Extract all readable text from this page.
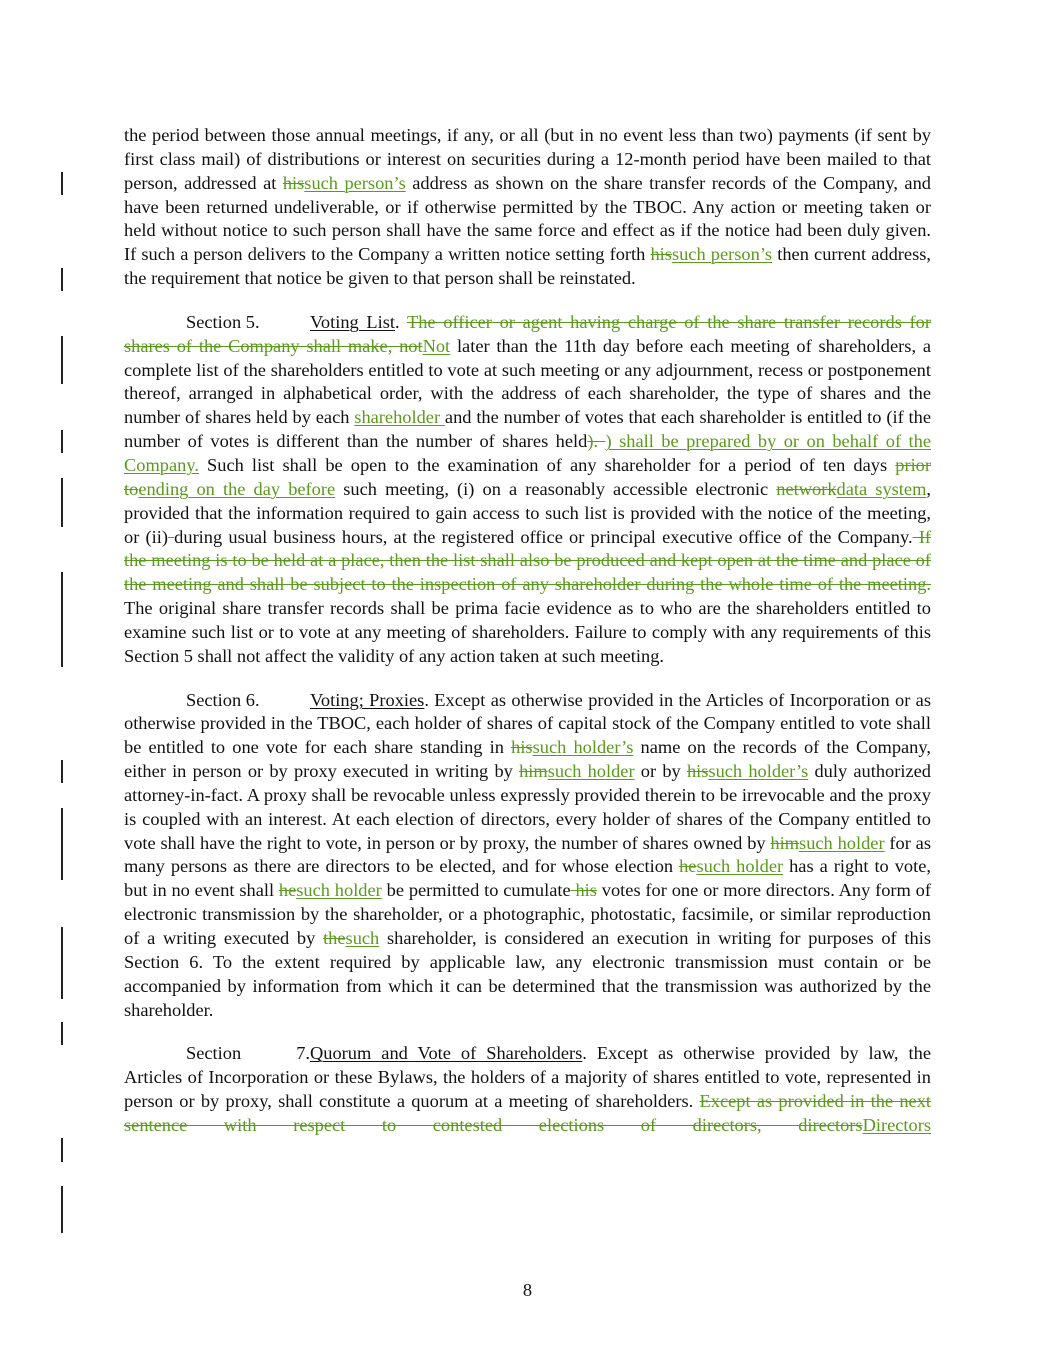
the period between those annual meetings, if any, or all (but in no event less than two) payments (if sent by first class mail) of distributions or interest on securities during a 12-month period have been mailed to that person, addressed at hissuch person’s address as shown on the share transfer records of the Company, and have been returned undeliverable, or if otherwise permitted by the TBOC. Any action or meeting taken or held without notice to such person shall have the same force and effect as if the notice had been duly given. If such a person delivers to the Company a written notice setting forth hissuch person’s then current address, the requirement that notice be given to that person shall be reinstated.

Section 5.	Voting List. The officer or agent having charge of the share transfer records for shares of the Company shall make, notNot later than the 11th day before each meeting of shareholders, a complete list of the shareholders entitled to vote at such meeting or any adjournment, recess or postponement thereof, arranged in alphabetical order, with the address of each shareholder, the type of shares and the number of shares held by each shareholder and the number of votes that each shareholder is entitled to (if the number of votes is different than the number of shares held). ) shall be prepared by or on behalf of the Company. Such list shall be open to the examination of any shareholder for a period of ten days prior toending on the day before such meeting, (i) on a reasonably accessible electronic networkdata system, provided that the information required to gain access to such list is provided with the notice of the meeting, or (ii) during usual business hours, at the registered office or principal executive office of the Company. If the meeting is to be held at a place, then the list shall also be produced and kept open at the time and place of the meeting and shall be subject to the inspection of any shareholder during the whole time of the meeting. The original share transfer records shall be prima facie evidence as to who are the shareholders entitled to examine such list or to vote at any meeting of shareholders. Failure to comply with any requirements of this Section 5 shall not affect the validity of any action taken at such meeting.

Section 6.	Voting; Proxies. Except as otherwise provided in the Articles of Incorporation or as otherwise provided in the TBOC, each holder of shares of capital stock of the Company entitled to vote shall be entitled to one vote for each share standing in hissuch holder’s name on the records of the Company, either in person or by proxy executed in writing by himsuch holder or by hissuch holder’s duly authorized attorney-in-fact. A proxy shall be revocable unless expressly provided therein to be irrevocable and the proxy is coupled with an interest. At each election of directors, every holder of shares of the Company entitled to vote shall have the right to vote, in person or by proxy, the number of shares owned by himsuch holder for as many persons as there are directors to be elected, and for whose election hesuch holder has a right to vote, but in no event shall hesuch holder be permitted to cumulate his votes for one or more directors. Any form of electronic transmission by the shareholder, or a photographic, photostatic, facsimile, or similar reproduction of a writing executed by thesuch shareholder, is considered an execution in writing for purposes of this Section 6. To the extent required by applicable law, any electronic transmission must contain or be accompanied by information from which it can be determined that the transmission was authorized by the shareholder.

Section 7.Quorum and Vote of Shareholders. Except as otherwise provided by law, the Articles of Incorporation or these Bylaws, the holders of a majority of shares entitled to vote, represented in person or by proxy, shall constitute a quorum at a meeting of shareholders. Except as provided in the next sentence with respect to contested elections of directors, directorsDirectors

8
